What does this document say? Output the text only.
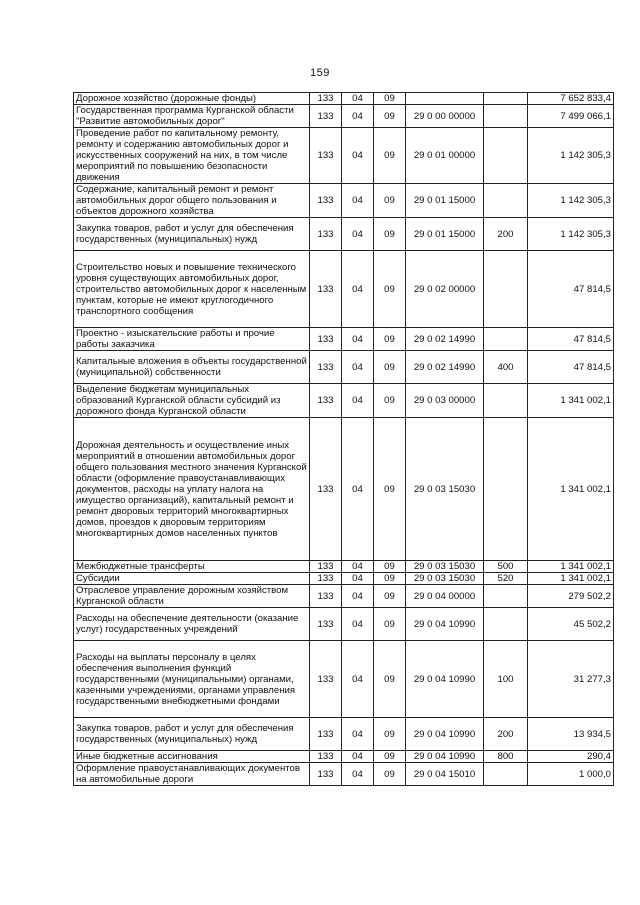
159
Дорожное хозяйство (дорожные фонды)	133	04	09			7 652 833,4
Государственная программа Курганской области "Развитие автомобильных дорог"	133	04	09	29 0 00 00000		7 499 066,1
Проведение работ по капитальному ремонту, ремонту и содержанию автомобильных дорог и искусственных сооружений на них, в том числе мероприятий по повышению безопасности движения	133	04	09	29 0 01 00000		1 142 305,3
Содержание, капитальный ремонт и ремонт автомобильных дорог общего пользования и объектов дорожного хозяйства	133	04	09	29 0 01 15000		1 142 305,3
Закупка товаров, работ и услуг для обеспечения государственных (муниципальных) нужд	133	04	09	29 0 01 15000	200	1 142 305,3
Строительство новых и повышение технического уровня существующих автомобильных дорог, строительство автомобильных дорог к населенным пунктам, которые не имеют круглогодичного транспортного сообщения	133	04	09	29 0 02 00000		47 814,5
Проектно - изыскательские работы и прочие работы заказчика	133	04	09	29 0 02 14990		47 814,5
Капитальные вложения в объекты государственной (муниципальной) собственности	133	04	09	29 0 02 14990	400	47 814,5
Выделение бюджетам муниципальных образований Курганской области субсидий из дорожного фонда Курганской области	133	04	09	29 0 03 00000		1 341 002,1
Дорожная деятельность и осуществление иных мероприятий в отношении автомобильных дорог общего пользования местного значения Курганской области (оформление правоустанавливающих документов, расходы на уплату налога на имущество организаций), капитальный ремонт и ремонт дворовых территорий многоквартирных домов, проездов к дворовым территориям многоквартирных домов населенных пунктов	133	04	09	29 0 03 15030		1 341 002,1
Межбюджетные трансферты	133	04	09	29 0 03 15030	500	1 341 002,1
Субсидии	133	04	09	29 0 03 15030	520	1 341 002,1
Отраслевое управление дорожным хозяйством Курганской области	133	04	09	29 0 04 00000		279 502,2
Расходы на обеспечение деятельности (оказание услуг) государственных учреждений	133	04	09	29 0 04 10990		45 502,2
Расходы на выплаты персоналу в целях обеспечения выполнения функций государственными (муниципальными) органами, казенными учреждениями, органами управления государственными внебюджетными фондами	133	04	09	29 0 04 10990	100	31 277,3
Закупка товаров, работ и услуг для обеспечения государственных (муниципальных) нужд	133	04	09	29 0 04 10990	200	13 934,5
Иные бюджетные ассигнования	133	04	09	29 0 04 10990	800	290,4
Оформление правоустанавливающих документов на автомобильные дороги	133	04	09	29 0 04 15010		1 000,0
